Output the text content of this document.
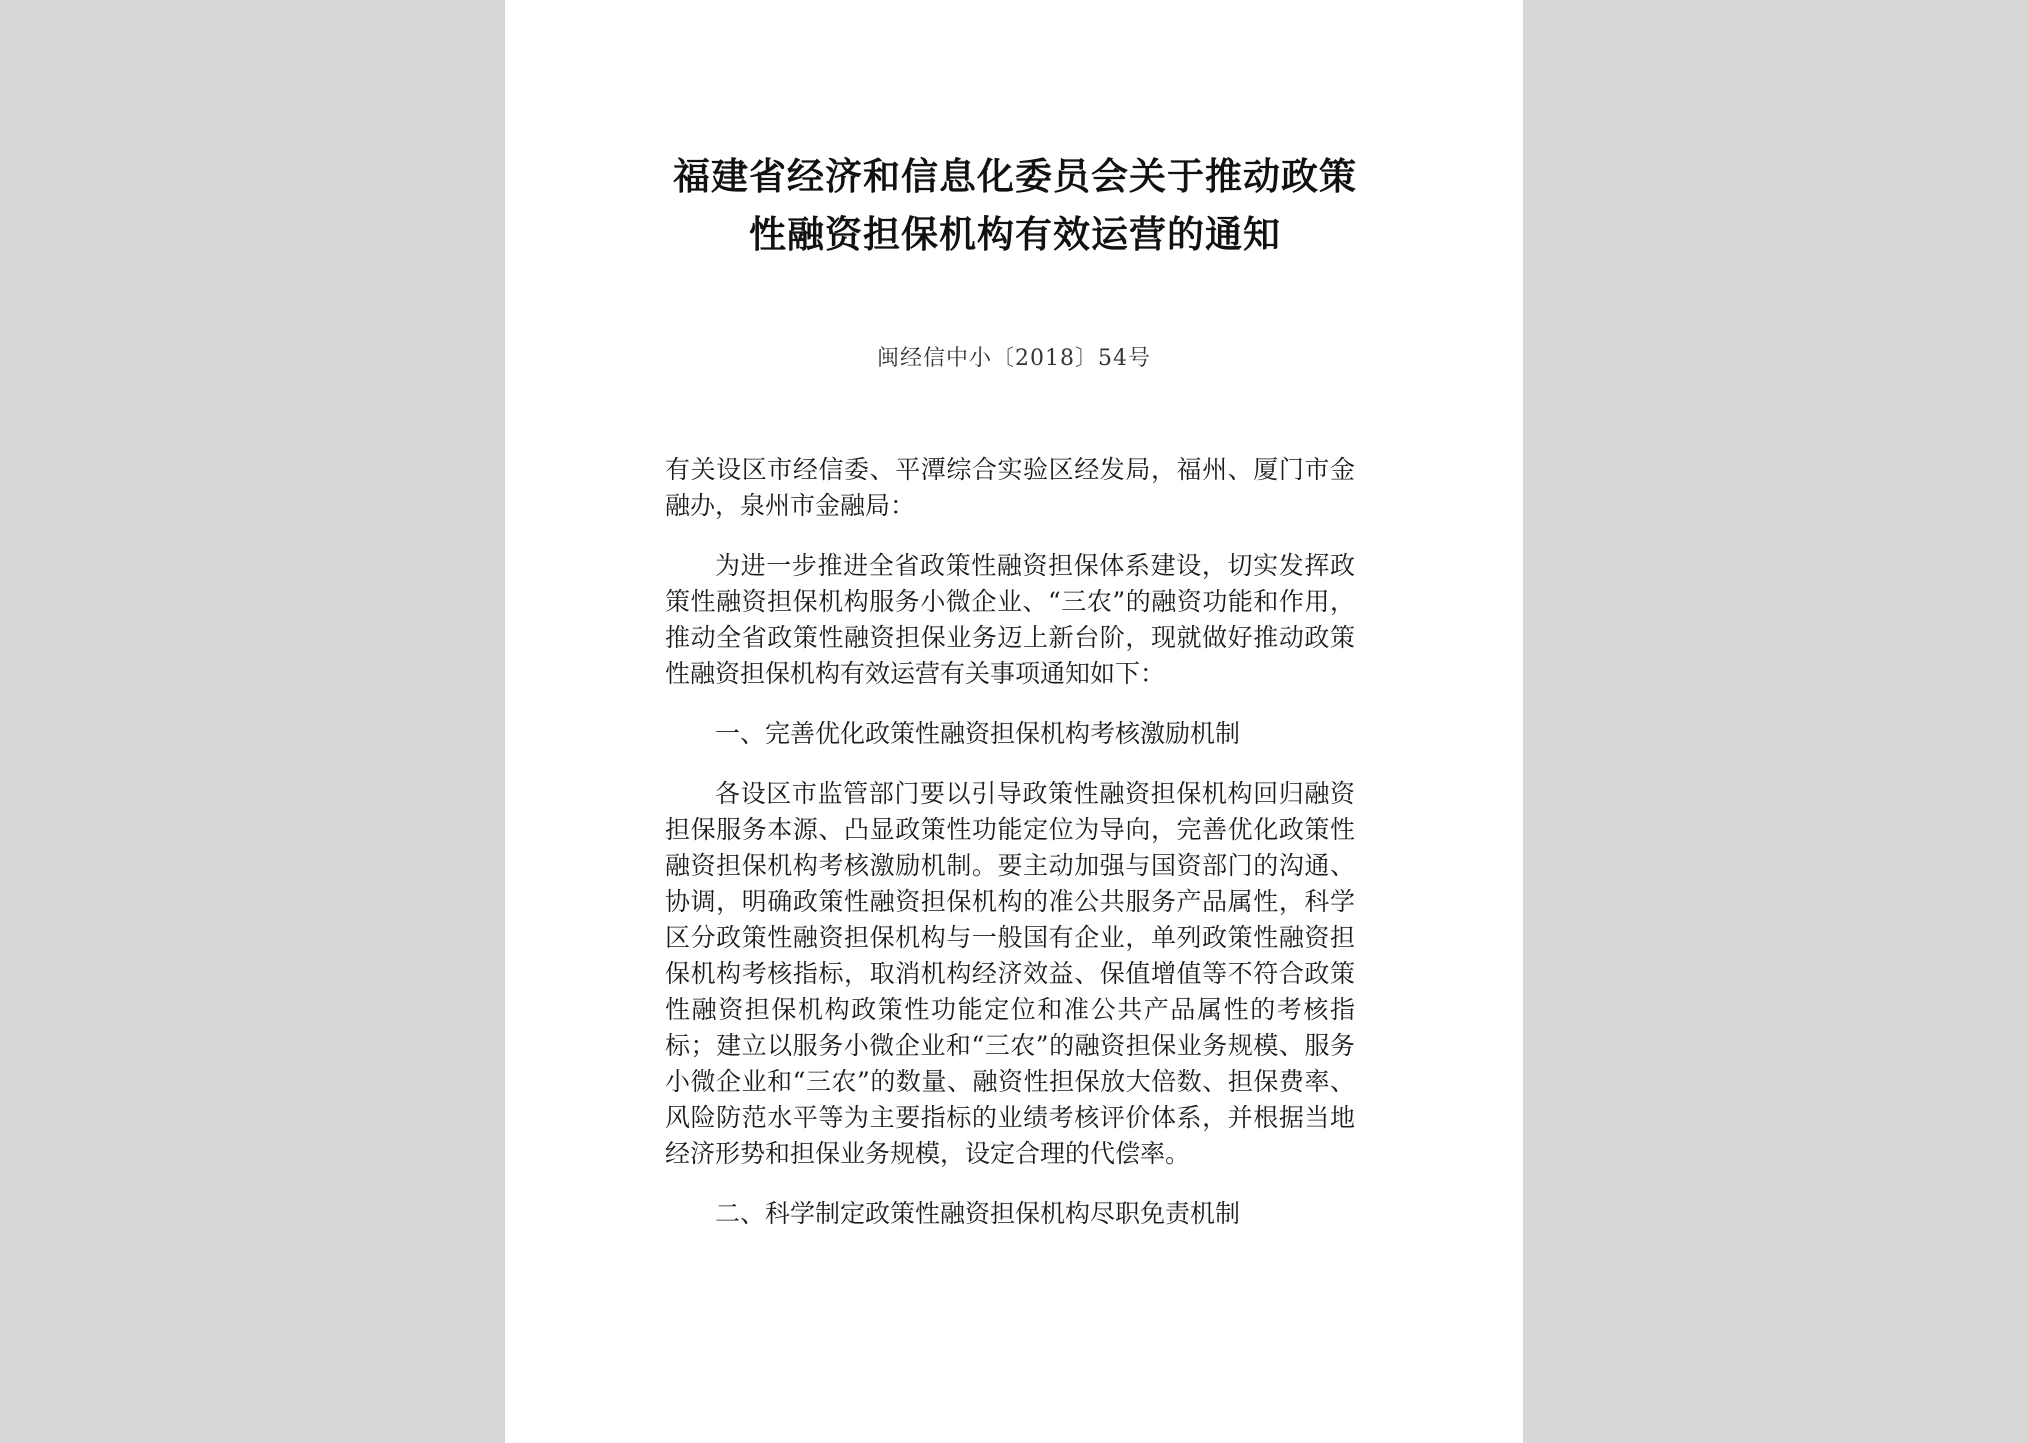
福建省经济和信息化委员会关于推动政策
性融资担保机构有效运营的通知
闽经信中小〔2018〕54号

有关设区市经信委、平潭综合实验区经发局，福州、厦门市金融办，泉州市金融局：

为进一步推进全省政策性融资担保体系建设，切实发挥政策性融资担保机构服务小微企业、“三农”的融资功能和作用，推动全省政策性融资担保业务迈上新台阶，现就做好推动政策性融资担保机构有效运营有关事项通知如下：

一、完善优化政策性融资担保机构考核激励机制

各设区市监管部门要以引导政策性融资担保机构回归融资担保服务本源、凸显政策性功能定位为导向，完善优化政策性融资担保机构考核激励机制。要主动加强与国资部门的沟通、协调，明确政策性融资担保机构的准公共服务产品属性，科学区分政策性融资担保机构与一般国有企业，单列政策性融资担保机构考核指标，取消机构经济效益、保值增值等不符合政策性融资担保机构政策性功能定位和准公共产品属性的考核指标；建立以服务小微企业和“三农”的融资担保业务规模、服务小微企业和“三农”的数量、融资性担保放大倍数、担保费率、风险防范水平等为主要指标的业绩考核评价体系，并根据当地经济形势和担保业务规模，设定合理的代偿率。

二、科学制定政策性融资担保机构尽职免责机制
